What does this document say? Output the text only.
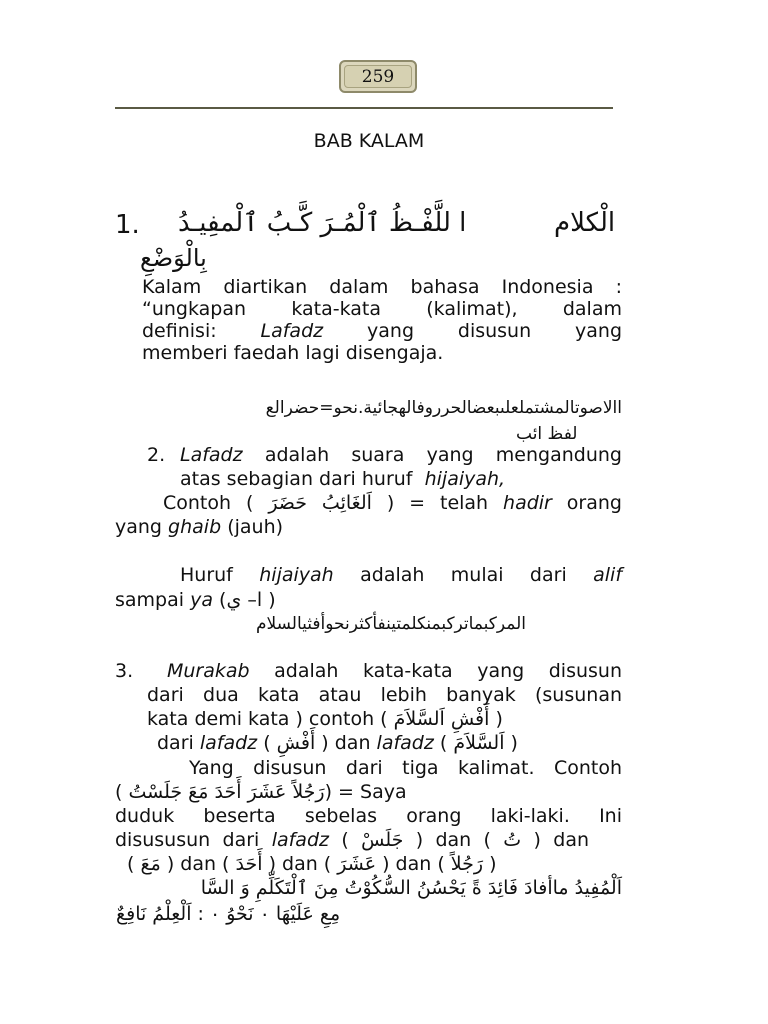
259
BAB KALAM
1. ا للَّفْـظُ ٱلْمُـرَ كَّـبُ ٱلْمفِيـدُ	الْكلام
بِالْوَضْعِ
Kalam diartikan dalam bahasa Indonesia :
“ungkapan kata-kata (kalimat), dalam
definisi: Lafadz yang disusun yang
memberi faedah lagi disengaja.
االاصوتالمشتملعلىبعضالحرروفالهجائية.نحو=حضرالع
لفظ ائب
2. Lafadz adalah suara yang mengandung
atas sebagian dari huruf hijaiyah,
Contoh ( اَلغَائِبُ حَضَرَ ) = telah hadir orang
yang ghaib (jauh)
Huruf hijaiyah adalah mulai dari alif
sampai ya (ا– ي )
المركبماتركبمنكلمتينفأكثرنحوأفثيالسلام
3. Murakab adalah kata-kata yang disusun
dari dua kata atau lebih banyak (susunan
kata demi kata ) contoh ( أَفْشِ اَلسَّلاَمَ )
dari lafadz ( أَفْشِ ) dan lafadz ( اَلسَّلاَمَ )
Yang disusun dari tiga kalimat. Contoh
( رَجُلاً عَشَرَ أَحَدَ مَعَ جَلَسْتُ) = Saya
duduk beserta sebelas orang laki-laki. Ini
disususun dari lafadz ( جَلَسْ ) dan ( تُ ) dan
( مَعَ ) dan ( أَحَدَ ) dan ( عَشَرَ ) dan ( رَجُلاً )
اَلْمُفِيدُ ماأفادَ فَائِدَ ةً يَحْسُنُ السُّكُوْتُ مِنَ ٱلْتَكَلِّمِ وَ السَّا
مِعِ عَلَيْهَا ٠ نَحْوُ ٠ : اَلْعِلْمُ نَافِعٌ
